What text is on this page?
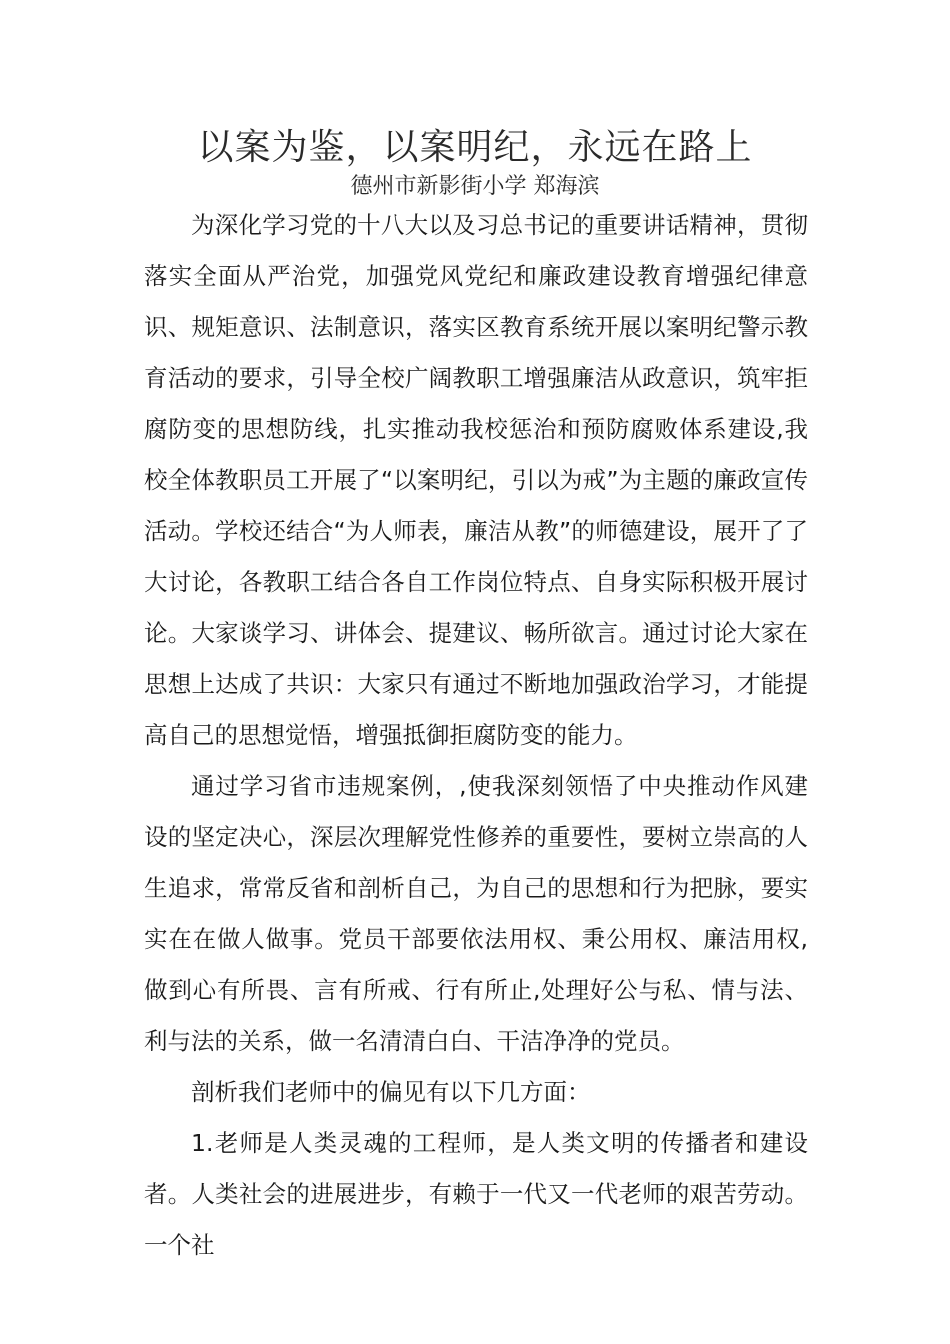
以案为鉴，以案明纪，永远在路上
德州市新影街小学 郑海滨

为深化学习党的十八大以及习总书记的重要讲话精神，贯彻落实全面从严治党，加强党风党纪和廉政建设教育增强纪律意识、规矩意识、法制意识，落实区教育系统开展以案明纪警示教育活动的要求，引导全校广阔教职工增强廉洁从政意识，筑牢拒腐防变的思想防线，扎实推动我校惩治和预防腐败体系建设,我校全体教职员工开展了“以案明纪，引以为戒”为主题的廉政宣传活动。学校还结合“为人师表，廉洁从教”的师德建设，展开了了大讨论，各教职工结合各自工作岗位特点、自身实际积极开展讨论。大家谈学习、讲体会、提建议、畅所欲言。通过讨论大家在思想上达成了共识：大家只有通过不断地加强政治学习，才能提高自己的思想觉悟，增强抵御拒腐防变的能力。

通过学习省市违规案例，,使我深刻领悟了中央推动作风建设的坚定决心，深层次理解党性修养的重要性，要树立崇高的人生追求，常常反省和剖析自己，为自己的思想和行为把脉，要实实在在做人做事。党员干部要依法用权、秉公用权、廉洁用权,做到心有所畏、言有所戒、行有所止,处理好公与私、情与法、利与法的关系，做一名清清白白、干洁净净的党员。

剖析我们老师中的偏见有以下几方面：

1.老师是人类灵魂的工程师，是人类文明的传播者和建设者。人类社会的进展进步，有赖于一代又一代老师的艰苦劳动。一个社
